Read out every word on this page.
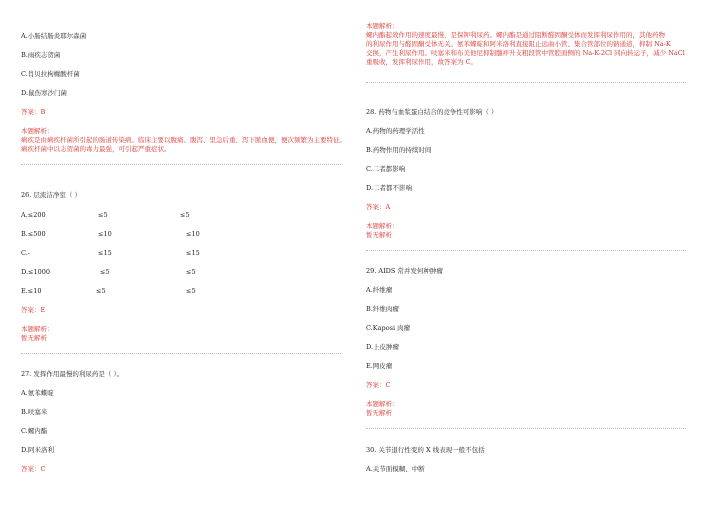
A.小肠结肠炎耶尔森菌
B.雨疾志贺菌
C.肖贝拉枸橼酸杆菌
D.鼠伤寒沙门菌
答案：B
本题解析：
痢疾是由痢疾杆菌所引起的肠道传染病。临床主要以腹痛、腹泻、里急后重、泻下脓血便，便次频繁为主要特征。
痢疾杆菌中以志贺菌的毒力最强，可引起严重症状。
26. 层流洁净室（ ）
A.≤200	≤5	≤5
B.≤500	≤10	≤10
C.-	≤15	≤15
D.≤1000	≤5	≤5
E.≤10	≤5	≤5
答案：E
本题解析：
暂无解析
27. 发挥作用最慢的利尿药是（ ）。
A.氨苯蝶啶
B.呋塞米
C.螺内酯
D.阿米洛利
答案：C
本题解析：
螺内酯起效作用的速度最慢，是保钾利尿药。螺内酯是通过阻断醛固酮受体而发挥利尿作用的，其他药物
的利尿作用与醛固酮受体无关。氨苯蝶啶和阿米洛利直接阻止远曲小管、集合管部位的钠通道，抑制 Na-K
交换，产生利尿作用。呋塞米和布美他尼抑制髓袢升支粗段管中管腔面侧的 Na-K-2Cl 同向转运子，减少 NaCl
重吸收，发挥利尿作用，故答案为 C。
28. 药物与血浆蛋白结合的竞争性可影响（ ）
A.药物的药理学活性
B.药物作用的持续时间
C.二者都影响
D.二者都不影响
答案：A
本题解析：
暂无解析
29. AIDS 常并发何种肿瘤
A.纤维瘤
B.纤维肉瘤
C.Kaposi 肉瘤
D.上皮肿瘤
E.网皮瘤
答案：C
本题解析：
暂无解析
30. 关节退行性变的 X 线表现一般不包括
A.关节面模糊、中断
